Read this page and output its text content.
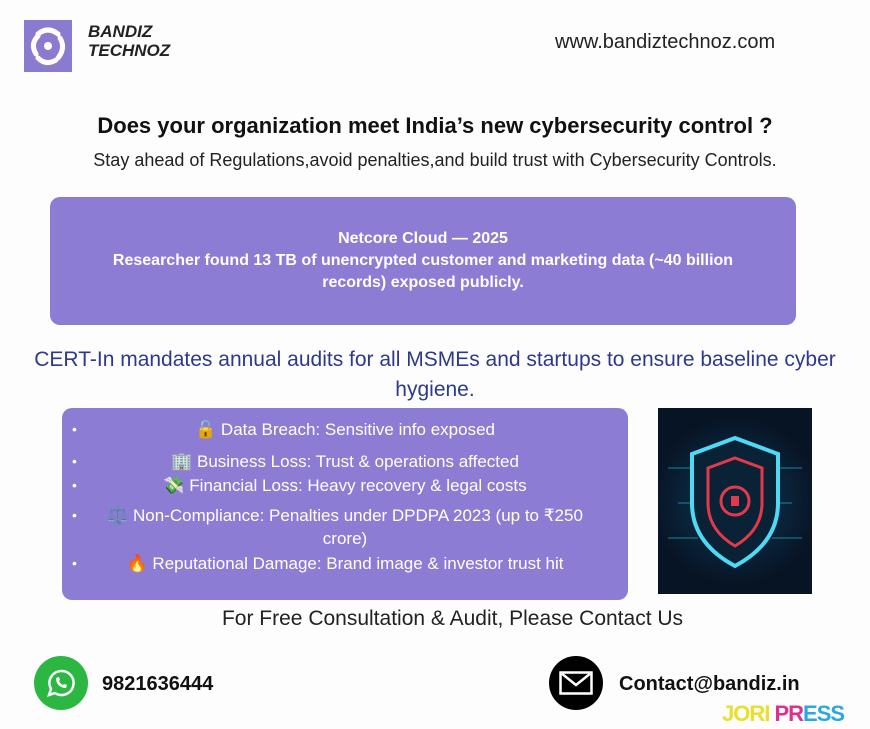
BANDIZ
TECHNOZ	www.bandiztechnoz.com
Does your organization meet India’s new cybersecurity control ?
Stay ahead of Regulations,avoid penalties,and build trust with Cybersecurity Controls.
Netcore Cloud — 2025
Researcher found 13 TB of unencrypted customer and marketing data (~40 billion records) exposed publicly.
CERT-In mandates annual audits for all MSMEs and startups to ensure baseline cyber hygiene.
•	🔓 Data Breach: Sensitive info exposed
•	🏢 Business Loss: Trust & operations affected
•	💸 Financial Loss: Heavy recovery & legal costs
• ⚖️ Non-Compliance: Penalties under DPDPA 2023 (up to ₹250 crore)
•	🔥 Reputational Damage: Brand image & investor trust hit
For Free Consultation & Audit, Please Contact Us
9821636444	Contact@bandiz.in
JORI PRESS
